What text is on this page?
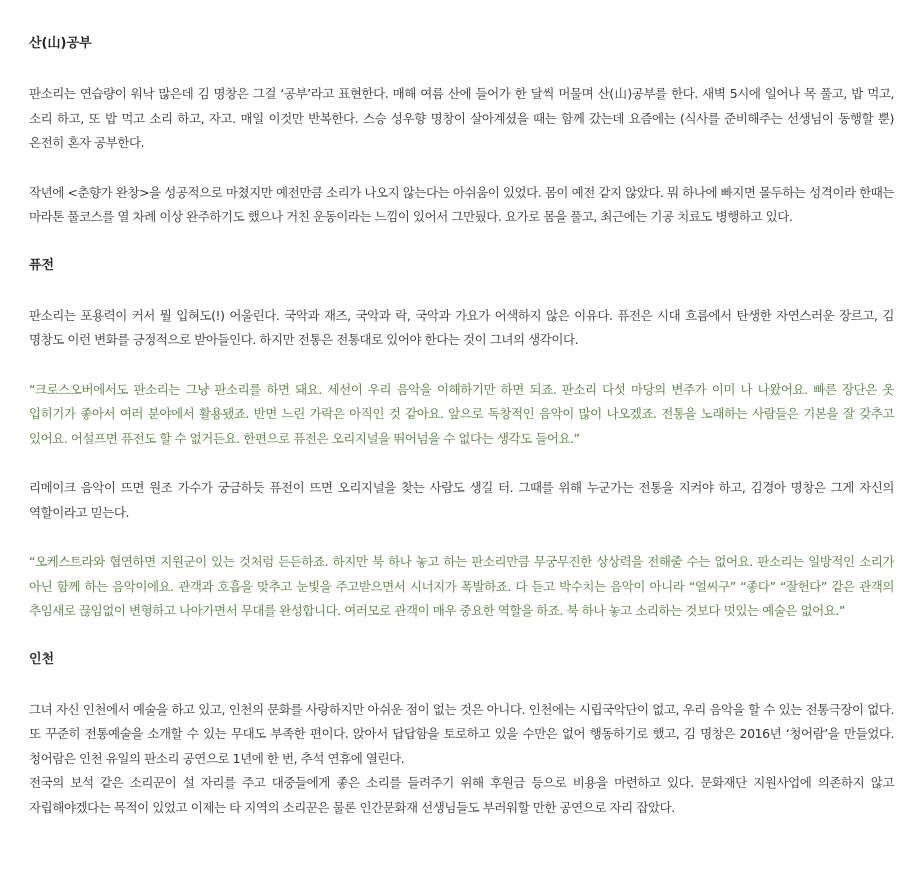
산(山)공부

판소리는 연습량이 워낙 많은데 김 명창은 그걸 ‘공부’라고 표현한다. 매해 여름 산에 들어가 한 달씩 머물며 산(山)공부를 한다. 새벽 5시에 일어나 목 풀고, 밥 먹고, 소리 하고, 또 밥 먹고 소리 하고, 자고. 매일 이것만 반복한다. 스승 성우향 명창이 살아계셨을 때는 함께 갔는데 요즘에는 (식사를 준비해주는 선생님이 동행할 뿐) 온전히 혼자 공부한다.

작년에 <춘향가 완창>을 성공적으로 마쳤지만 예전만큼 소리가 나오지 않는다는 아쉬움이 있었다. 몸이 예전 같지 않았다. 뭐 하나에 빠지면 몰두하는 성격이라 한때는 마라톤 풀코스를 열 차례 이상 완주하기도 했으나 거친 운동이라는 느낌이 있어서 그만뒀다. 요가로 몸을 풀고, 최근에는 기공 치료도 병행하고 있다.

퓨전

판소리는 포용력이 커서 뭘 입혀도(!) 어울린다. 국악과 재즈, 국악과 락, 국악과 가요가 어색하지 않은 이유다. 퓨전은 시대 흐름에서 탄생한 자연스러운 장르고, 김 명창도 이런 변화를 긍정적으로 받아들인다. 하지만 전통은 전통대로 있어야 한다는 것이 그녀의 생각이다.

“크로스오버에서도 판소리는 그냥 판소리를 하면 돼요. 세선이 우리 음악을 이해하기만 하면 되죠. 판소리 다섯 마당의 변주가 이미 나 나왔어요. 빠른 장단은 옷 입히기가 좋아서 여러 분야에서 활용됐죠. 반면 느린 가락은 아직인 것 같아요. 앞으로 독창적인 음악이 많이 나오겠죠. 전통을 노래하는 사람들은 기본을 잘 갖추고 있어요. 어설프면 퓨전도 할 수 없거든요. 한편으로 퓨전은 오리지널을 뛰어넘을 수 없다는 생각도 들어요.”

리메이크 음악이 뜨면 원조 가수가 궁금하듯 퓨전이 뜨면 오리지널을 찾는 사람도 생길 터. 그때를 위해 누군가는 전통을 지켜야 하고, 김경아 명창은 그게 자신의 역할이라고 믿는다.

“오케스트라와 협연하면 지원군이 있는 것처럼 든든하죠. 하지만 북 하나 놓고 하는 판소리만큼 무궁무진한 상상력을 전해줄 수는 없어요. 판소리는 일방적인 소리가 아닌 함께 하는 음악이에요. 관객과 호흡을 맞추고 눈빛을 주고받으면서 시너지가 폭발하죠. 다 듣고 박수치는 음악이 아니라 “얼씨구” “좋다” “잘헌다” 같은 관객의 추임새로 끊임없이 변형하고 나아가면서 무대를 완성합니다. 여러모로 관객이 매우 중요한 역할을 하죠. 북 하나 놓고 소리하는 것보다 멋있는 예술은 없어요.”

인천

그녀 자신 인천에서 예술을 하고 있고, 인천의 문화를 사랑하지만 아쉬운 점이 없는 것은 아니다. 인천에는 시립국악단이 없고, 우리 음악을 할 수 있는 전통극장이 없다. 또 꾸준히 전통예술을 소개할 수 있는 무대도 부족한 편이다. 앉아서 답답함을 토로하고 있을 수만은 없어 행동하기로 했고, 김 명창은 2016년 ‘청어람’을 만들었다. 청어람은 인천 유일의 판소리 공연으로 1년에 한 번, 추석 연휴에 열린다.

전국의 보석 같은 소리꾼이 설 자리를 주고 대중들에게 좋은 소리를 들려주기 위해 후원금 등으로 비용을 마련하고 있다. 문화재단 지원사업에 의존하지 않고 자립해야겠다는 목적이 있었고 이제는 타 지역의 소리꾼은 물론 인간문화재 선생님들도 부러워할 만한 공연으로 자리 잡았다.
